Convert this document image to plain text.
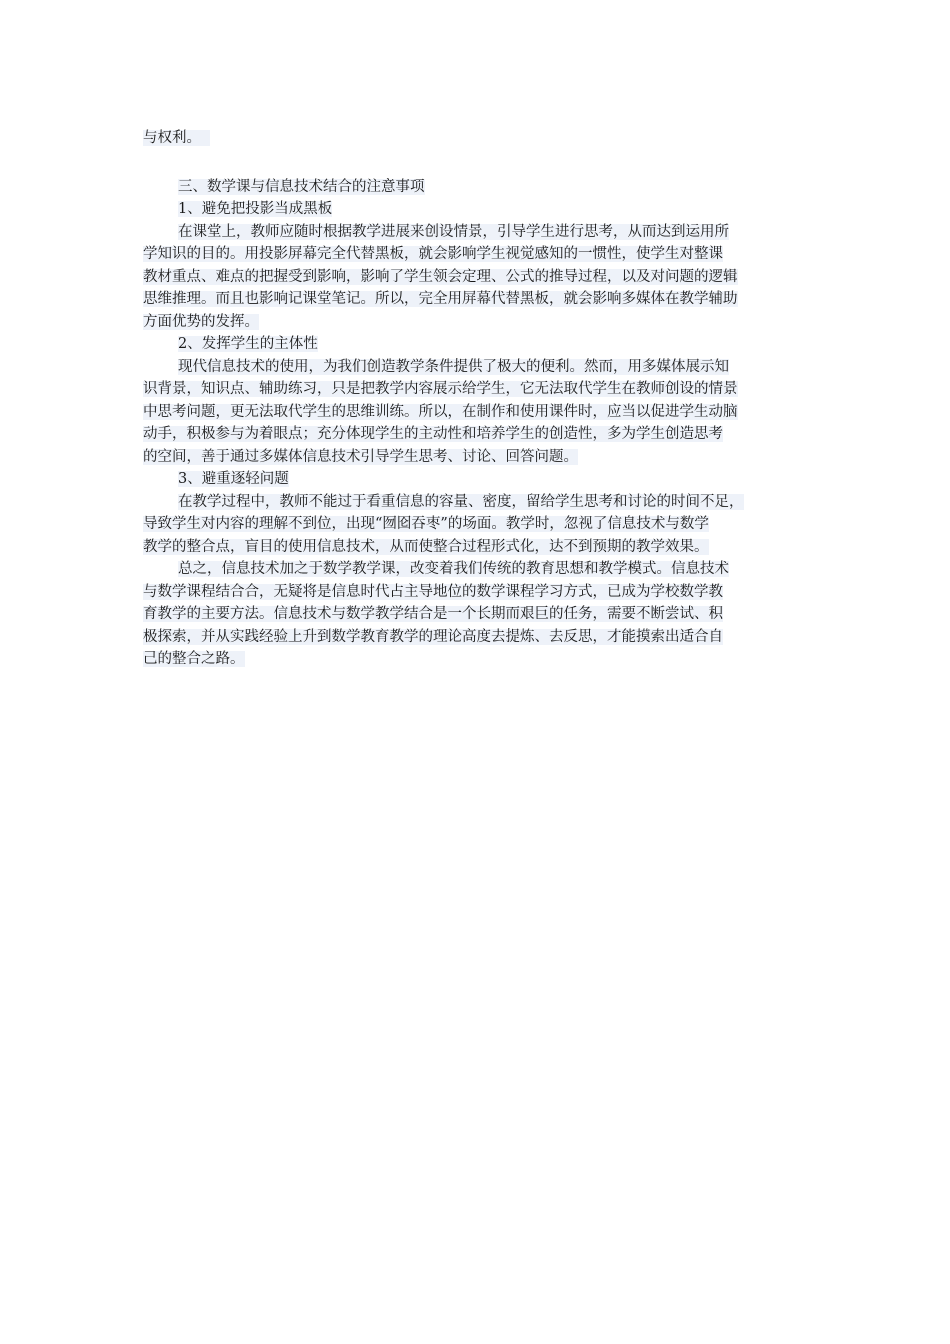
与权利。
三、数学课与信息技术结合的注意事项
1、避免把投影当成黑板
在课堂上，教师应随时根据教学进展来创设情景，引导学生进行思考，从而达到运用所
学知识的目的。用投影屏幕完全代替黑板，就会影响学生视觉感知的一惯性，使学生对整课
教材重点、难点的把握受到影响，影响了学生领会定理、公式的推导过程，以及对问题的逻辑
思维推理。而且也影响记课堂笔记。所以，完全用屏幕代替黑板，就会影响多媒体在教学辅助
方面优势的发挥。
2、发挥学生的主体性
现代信息技术的使用，为我们创造教学条件提供了极大的便利。然而，用多媒体展示知
识背景，知识点、辅助练习，只是把教学内容展示给学生，它无法取代学生在教师创设的情景
中思考问题，更无法取代学生的思维训练。所以，在制作和使用课件时，应当以促进学生动脑
动手，积极参与为着眼点；充分体现学生的主动性和培养学生的创造性，多为学生创造思考
的空间，善于通过多媒体信息技术引导学生思考、讨论、回答问题。
3、避重逐轻问题
在教学过程中，教师不能过于看重信息的容量、密度，留给学生思考和讨论的时间不足，
导致学生对内容的理解不到位，出现“囫囵吞枣”的场面。教学时，忽视了信息技术与数学
教学的整合点，盲目的使用信息技术，从而使整合过程形式化，达不到预期的教学效果。
总之，信息技术加之于数学教学课，改变着我们传统的教育思想和教学模式。信息技术
与数学课程结合合，无疑将是信息时代占主导地位的数学课程学习方式，已成为学校数学教
育教学的主要方法。信息技术与数学教学结合是一个长期而艰巨的任务，需要不断尝试、积
极探索，并从实践经验上升到数学教育教学的理论高度去提炼、去反思，才能摸索出适合自
己的整合之路。
